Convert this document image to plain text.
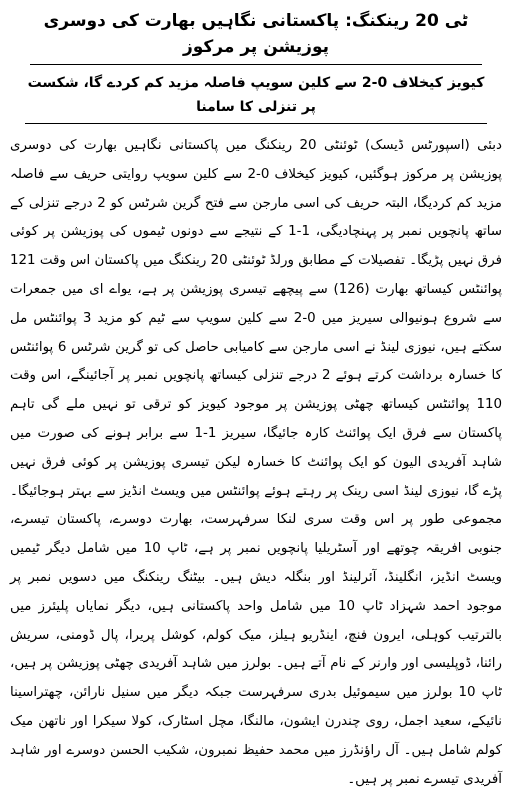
ٹی 20 رینکنگ: پاکستانی نگاہیں بھارت کی دوسری پوزیشن پر مرکوز
کیویز کیخلاف 0-2 سے کلین سویپ فاصلہ مزید کم کردے گا، شکست پر تنزلی کا سامنا

دبئی (اسپورٹس ڈیسک) ٹوئنٹی 20 رینکنگ میں پاکستانی نگاہیں بھارت کی دوسری پوزیشن پر مرکوز ہوگئیں، کیویز کیخلاف 0-2 سے کلین سویپ روایتی حریف سے فاصلہ مزید کم کردیگا، البتہ حریف کی اسی مارجن سے فتح گرین شرٹس کو 2 درجے تنزلی کے ساتھ پانچویں نمبر پر پہنچادیگی، 1-1 کے نتیجے سے دونوں ٹیموں کی پوزیشن پر کوئی فرق نہیں پڑیگا۔ تفصیلات کے مطابق ورلڈ ٹوئنٹی 20 رینکنگ میں پاکستان اس وقت 121 پوائنٹس کیساتھ بھارت (126) سے پیچھے تیسری پوزیشن پر ہے، یواے ای میں جمعرات سے شروع ہونیوالی سیریز میں 0-2 سے کلین سویپ سے ٹیم کو مزید 3 پوائنٹس مل سکتے ہیں، نیوزی لینڈ نے اسی مارجن سے کامیابی حاصل کی تو گرین شرٹس 6 پوائنٹس کا خسارہ برداشت کرتے ہوئے 2 درجے تنزلی کیساتھ پانچویں نمبر پر آجائینگے، اس وقت 110 پوائنٹس کیساتھ چھٹی پوزیشن پر موجود کیویز کو ترقی تو نہیں ملے گی تاہم پاکستان سے فرق ایک پوائنٹ کارہ جائیگا، سیریز 1-1 سے برابر ہونے کی صورت میں شاہد آفریدی الیون کو ایک پوائنٹ کا خسارہ لیکن تیسری پوزیشن پر کوئی فرق نہیں پڑے گا، نیوزی لینڈ اسی رینک پر رہتے ہوئے پوائنٹس میں ویسٹ انڈیز سے بہتر ہوجائیگا۔ مجموعی طور پر اس وقت سری لنکا سرفہرست، بھارت دوسرے، پاکستان تیسرے، جنوبی افریقہ چوتھے اور آسٹریلیا پانچویں نمبر پر ہے، ٹاپ 10 میں شامل دیگر ٹیمیں ویسٹ انڈیز، انگلینڈ، آئرلینڈ اور بنگلہ دیش ہیں۔ بیٹنگ رینکنگ میں دسویں نمبر پر موجود احمد شہزاد ٹاپ 10 میں شامل واحد پاکستانی ہیں، دیگر نمایاں پلیئرز میں بالترتیب کوہلی، ایرون فنچ، اینڈریو ہیلز، میک کولم، کوشل پریرا، پال ڈومنی، سریش رائنا، ڈوپلیسی اور وارنر کے نام آتے ہیں۔ بولرز میں شاہد آفریدی چھٹی پوزیشن پر ہیں، ٹاپ 10 بولرز میں سیموئیل بدری سرفہرست جبکہ دیگر میں سنیل نارائن، چھتراسینا نائیکے، سعید اجمل، روی چندرن ایشون، مالنگا، مچل اسٹارک، کولا سیکرا اور ناتھن میک کولم شامل ہیں۔ آل راؤنڈرز میں محمد حفیظ نمبرون، شکیب الحسن دوسرے اور شاہد آفریدی تیسرے نمبر پر ہیں۔
